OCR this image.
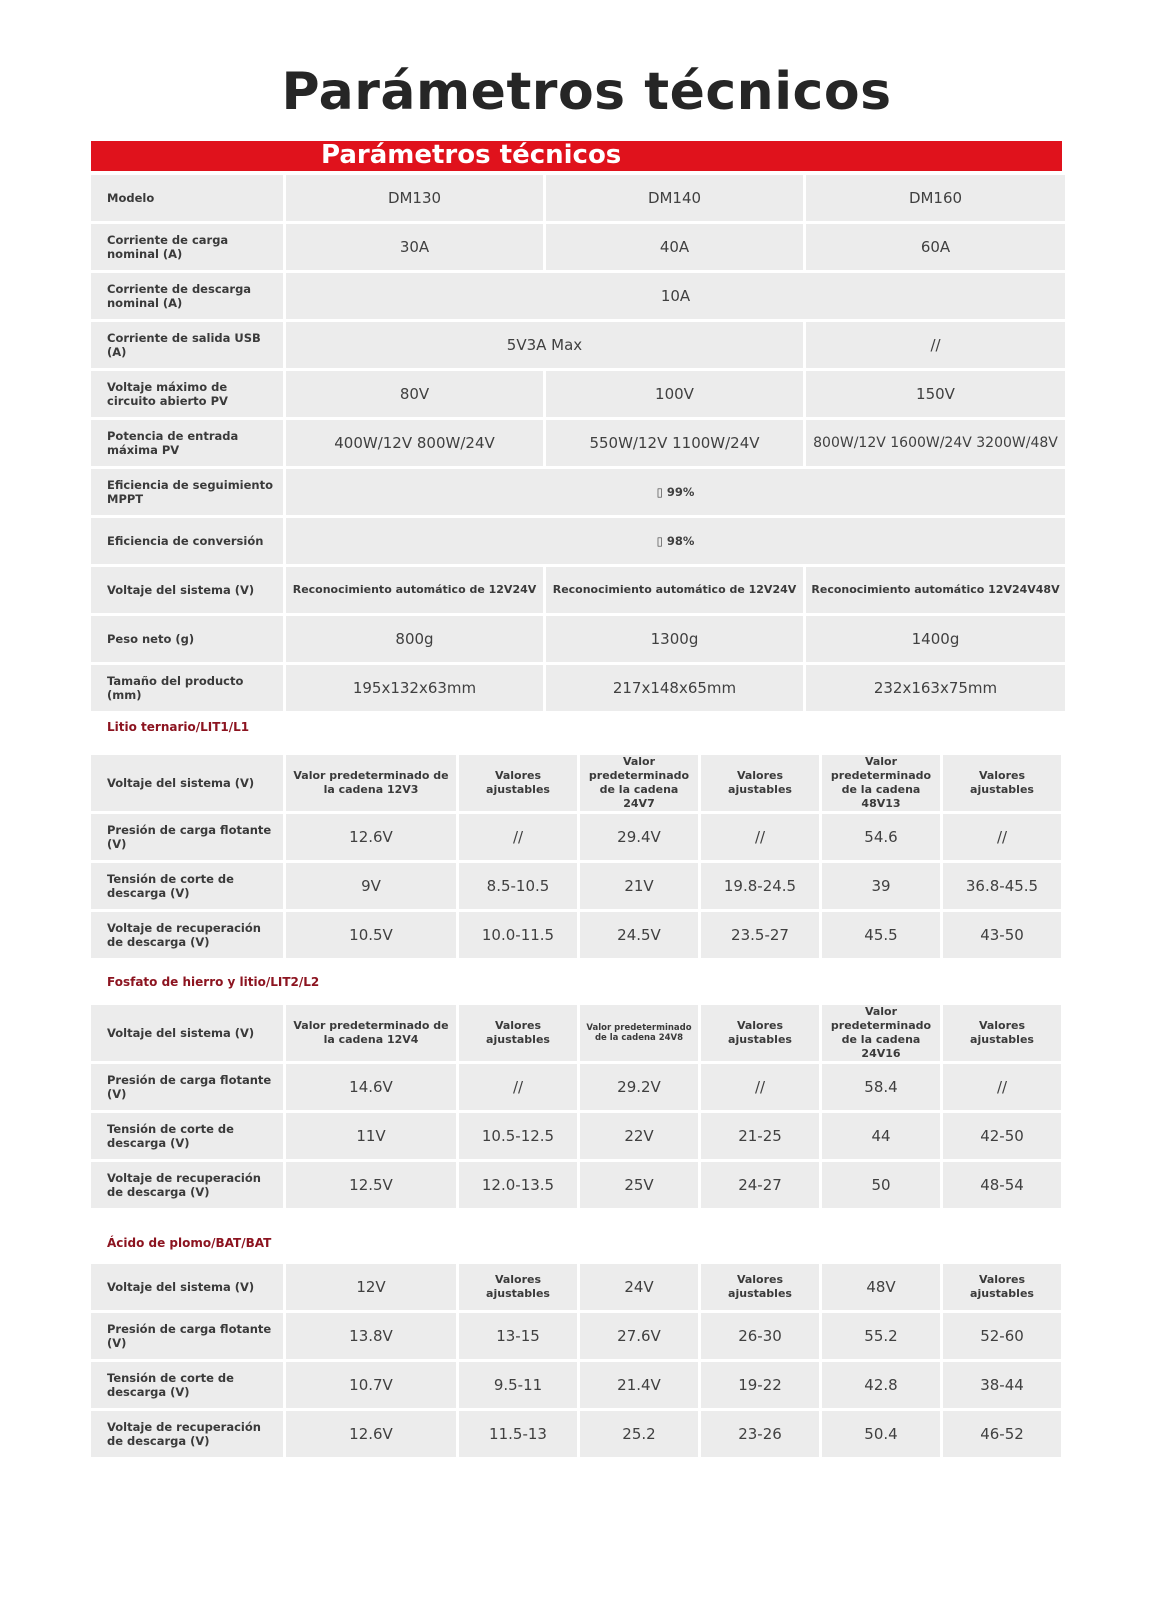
Parámetros técnicos
Parámetros técnicos
Modelo	DM130	DM140	DM160
Corriente de carga nominal (A)	30A	40A	60A
Corriente de descarga nominal (A)	10A		
Corriente de salida USB (A)	5V3A Max		//
Voltaje máximo de circuito abierto PV	80V	100V	150V
Potencia de entrada máxima PV	400W/12V 800W/24V	550W/12V 1100W/24V	800W/12V 1600W/24V 3200W/48V
Eficiencia de seguimiento MPPT	▯ 99%		
Eficiencia de conversión	▯ 98%		
Voltaje del sistema (V)	Reconocimiento automático de 12V24V	Reconocimiento automático de 12V24V	Reconocimiento automático 12V24V48V
Peso neto (g)	800g	1300g	1400g
Tamaño del producto (mm)	195x132x63mm	217x148x65mm	232x163x75mm
Litio ternario/LIT1/L1
Voltaje del sistema (V)	Valor predeterminado de la cadena 12V3	Valores ajustables	Valor predeterminado de la cadena 24V7	Valores ajustables	Valor predeterminado de la cadena 48V13	Valores ajustables
Presión de carga flotante (V)	12.6V	//	29.4V	//	54.6	//
Tensión de corte de descarga (V)	9V	8.5-10.5	21V	19.8-24.5	39	36.8-45.5
Voltaje de recuperación de descarga (V)	10.5V	10.0-11.5	24.5V	23.5-27	45.5	43-50
Fosfato de hierro y litio/LIT2/L2
Voltaje del sistema (V)	Valor predeterminado de la cadena 12V4	Valores ajustables	Valor predeterminado de la cadena 24V8	Valores ajustables	Valor predeterminado de la cadena 24V16	Valores ajustables
Presión de carga flotante (V)	14.6V	//	29.2V	//	58.4	//
Tensión de corte de descarga (V)	11V	10.5-12.5	22V	21-25	44	42-50
Voltaje de recuperación de descarga (V)	12.5V	12.0-13.5	25V	24-27	50	48-54
Ácido de plomo/BAT/BAT
Voltaje del sistema (V)	12V	Valores ajustables	24V	Valores ajustables	48V	Valores ajustables
Presión de carga flotante (V)	13.8V	13-15	27.6V	26-30	55.2	52-60
Tensión de corte de descarga (V)	10.7V	9.5-11	21.4V	19-22	42.8	38-44
Voltaje de recuperación de descarga (V)	12.6V	11.5-13	25.2	23-26	50.4	46-52
